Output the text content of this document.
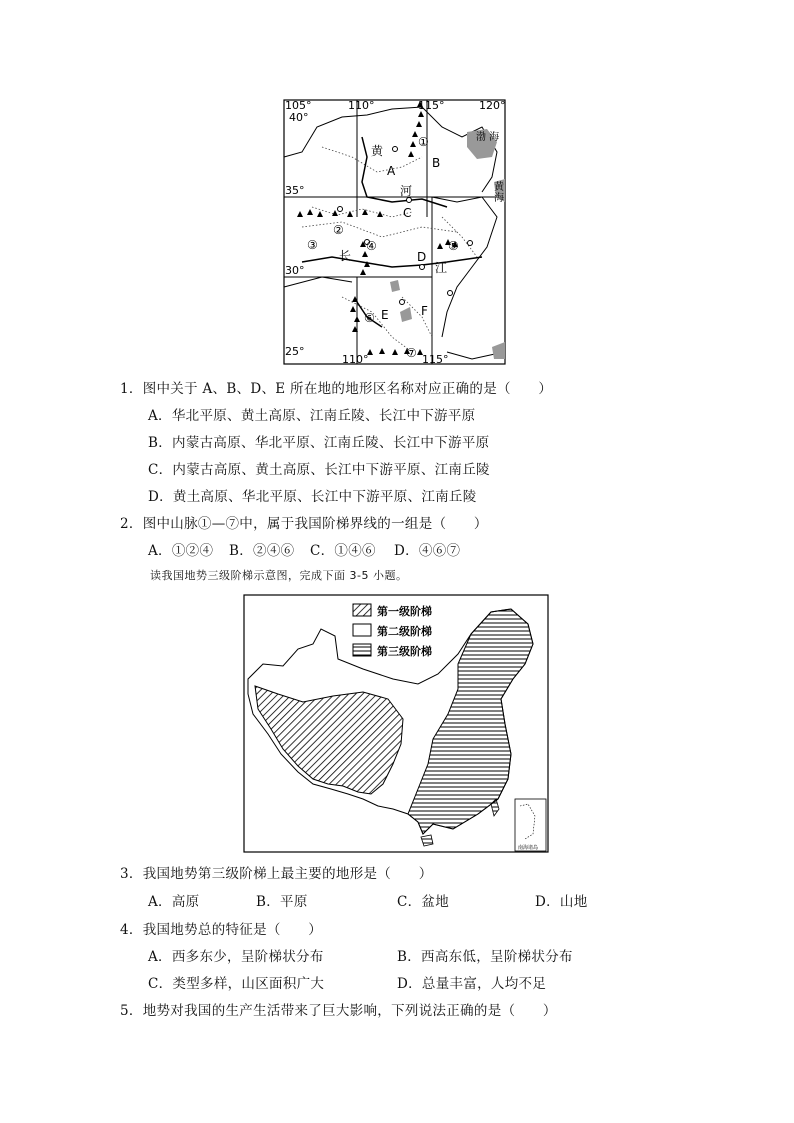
105°	110°	115°	120°
110°	115°
40°
35°
30°
25°
A
B
C
D
E	F
①
②
③	④	⑤
⑥
⑦
黄
河
长
江
渤 海
黄
海
1．图中关于 A、B、D、E 所在地的地形区名称对应正确的是（　　）
A．华北平原、黄土高原、江南丘陵、长江中下游平原
B．内蒙古高原、华北平原、江南丘陵、长江中下游平原
C．内蒙古高原、黄土高原、长江中下游平原、江南丘陵
D．黄土高原、华北平原、长江中下游平原、江南丘陵
2．图中山脉①—⑦中，属于我国阶梯界线的一组是（　　）
A．①②④ B．②④⑥ C．①④⑥ D．④⑥⑦
读我国地势三级阶梯示意图，完成下面 3-5 小题。
第一级阶梯
第二级阶梯
第三级阶梯
南海诸岛
3．我国地势第三级阶梯上最主要的地形是（　　）
A．高原	B．平原	C．盆地	D．山地
4．我国地势总的特征是（　　）
A．西多东少，呈阶梯状分布	B．西高东低，呈阶梯状分布
C．类型多样，山区面积广大	D．总量丰富，人均不足
5．地势对我国的生产生活带来了巨大影响，下列说法正确的是（　　）
